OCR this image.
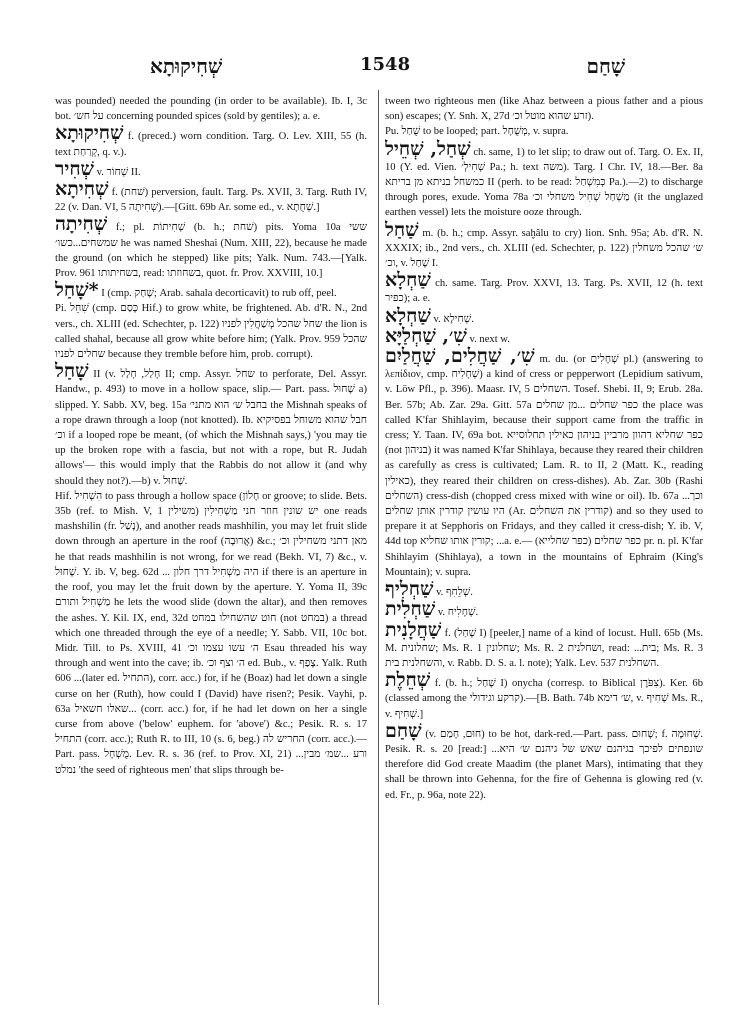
שְׁחִיקוּתָא	1548	שָׁחַם

was pounded) needed the pounding (in order to be available). Ib. I, 3c bot. על חש׳ concerning pounded spices (sold by gentiles); a. e.

שְׁחִיקוּתָא f. (preced.) worn condition. Targ. O. Lev. XIII, 55 (h. text קְרַחַת, q. v.).

שְׁחִיר v. שְׁחוֹר II.

שְׁחִיתָא f. (שׁחת) perversion, fault. Targ. Ps. XVII, 3. Targ. Ruth IV, 22 (v. Dan. VI, 5 שְׁחִיתָה).—[Gitt. 69b Ar. some ed., v. שְׁחֻתָא.]

שְׁחִיתָה f.; pl. שְׁחִיתוֹת (b. h.; שׁחת) pits. Yoma 10a ששי שמשחים...כשו׳ he was named Sheshai (Num. XIII, 22), because he made the ground (on which he stepped) like pits; Yalk. Num. 743.—[Yalk. Prov. 961 בשחיתותו, read: בשחוזתו, quot. fr. Prov. XXVIII, 10.]

*שָׁחַל I (cmp. שָׁחַק; Arab. sahala decorticavit) to rub off, peel.

Pi. שִׁחֵל (cmp. כָּסַם Hif.) to grow white, be frightened. Ab. d'R. N., 2nd vers., ch. XLIII (ed. Schechter, p. 122) שחל שהכל מְשַׁחֲלִין לפניו the lion is called shahal, because all grow white before him; (Yalk. Prov. 959 שהכל שחלים לפניו because they tremble before him, prob. corrupt).

שָׁחַל II (v. חָלַל, חָלַל II; cmp. Assyr. שחל to perforate, Del. Assyr. Handw., p. 493) to move in a hollow space, slip.— Part. pass. שָׁחוּל a) slipped. Y. Sabb. XV, beg. 15a בחבל ש׳ הוא מתני׳ the Mishnah speaks of a rope drawn through a loop (not knotted). Ib. חבל שהוא משוחל בפסיקיא וכ׳ if a looped rope be meant, (of which the Mishnah says,) 'you may tie up the broken rope with a fascia, but not with a rope, but R. Judah allows'— this would imply that the Rabbis do not allow it (and why should they not?).—b) v. שָׁחוּל.

Hif. הִשְׁחִיל to pass through a hollow space (חָלוֹן or groove; to slide. Bets. 35b (ref. to Mish. V, 1 משילין) יש שונין חוזר חני מַשְׁחִילִין one reads mashshilin (fr. נָשַׁל), and another reads mashhilin, you may let fruit slide down through an aperture in the roof (אֲרוּבָה) &c.; מאן דתני משחילין וכ׳ he that reads mashhilin is not wrong, for we read (Bekh. VI, 7) &c., v. שָׁחוּל. Y. ib. V, beg. 62d ... היה מַשְׁחִיל דרך חלון if there is an aperture in the roof, you may let the fruit down by the aperture. Y. Yoma II, 39c מַשְׁחִיל ותורם he lets the wood slide (down the altar), and then removes the ashes. Y. Kil. IX, end, 32d חוט שהשחילו במחט (not במחט) a thread which one threaded through the eye of a needle; Y. Sabb. VII, 10c bot. Midr. Till. to Ps. XVIII, 41 ה׳ עשו עצמו וכ׳ Esau threaded his way through and went into the cave; ib. ה׳ וצף וכ׳ ed. Bub., v. צָפַף. Yalk. Ruth 606 ...(later ed. התחיל), corr. acc.) for, if he (Boaz) had let down a single curse on her (Ruth), how could I (David) have risen?; Pesik. Vayhi, p. 63a שאלו חשאיל... (corr. acc.) for, if he had let down on her a single curse from above ('below' euphem. for 'above') &c.; Pesik. R. s. 17 התחיל (corr. acc.); Ruth R. to III, 10 (s. 6, beg.) החריש לה (corr. acc.).—Part. pass. מֻשְׁחָל. Lev. R. s. 36 (ref. to Prov. XI, 21) ...ורע ...שמ׳ מבין נמלט 'the seed of righteous men' that slips through be-

tween two righteous men (like Ahaz between a pious father and a pious son) escapes; (Y. Snh. X, 27d זרע שהוא מוטל וכ׳).

Pu. שֻׁחַל to be looped; part. מְשֻׁחָל, v. supra.

שְׁחַל, שְׁחֵיל ch. same, 1) to let slip; to draw out of. Targ. O. Ex. II, 10 (Y. ed. Vien. שְׁחִילְ׳ Pa.; h. text משה). Targ. I Chr. IV, 18.—Ber. 8a כמשחל בניתא מן בריתא II (perh. to be read: כְּמִשְׁחַל Pa.).—2) to discharge through pores, exude. Yoma 78a מַשְׁחַל שְׁחִיל משחלי וכ׳ (it the unglazed earthen vessel) lets the moisture ooze through.

שַׁחַל m. (b. h.; cmp. Assyr. saḫâlu to cry) lion. Snh. 95a; Ab. d'R. N. XXXIX; ib., 2nd vers., ch. XLIII (ed. Schechter, p. 122) ש׳ שהכל משחלין וכ׳, v. שָׁחַל I.

שַׁחְלָא ch. same. Targ. Prov. XXVI, 13. Targ. Ps. XVII, 12 (h. text כפיר); a. e.

שַׁחְלָא v. שְׁחִילָא.

שִׁ׳, שַׁחְלַיָּא v. next w.

שִׁ׳, שַׁחֲלִים, שַׁחֲלַיִם m. du. (or שְׁחָלִים pl.) (answering to λεπίδιον, cmp. שְׁחָלִיח) a kind of cress or pepperwort (Lepidium sativum, v. Löw Pfl., p. 396). Maasr. IV, 5 השחלים. Tosef. Shebi. II, 9; Erub. 28a. Ber. 57b; Ab. Zar. 29a. Gitt. 57a כפר שחלים ...מן שחלים the place was called K'far Shihlayim, because their support came from the traffic in cress; Y. Taan. IV, 69a bot. כפר שחליא דהוון מרביין בניהון כאילין תחלוסייא (not בניהון) it was named K'far Shihlaya, because they reared their children as carefully as cress is cultivated; Lam. R. to II, 2 (Matt. K., reading כאילין), they reared their children on cress-dishes). Ab. Zar. 30b (Rashi השחלים) cress-dish (chopped cress mixed with wine or oil). Ib. 67a ...וכך היו עושין קודרין אותן שחלים (Ar. קודרין את השחלים) and so they used to prepare it at Sepphoris on Fridays, and they called it cress-dish; Y. ib. V, 44d top קורין אותו שחליא; ...a. e.— כפר שחלים (כפר שחלייא) pr. n. pl. K'far Shihlayim (Shihlaya), a town in the mountains of Ephraim (King's Mountain); v. supra.

שַׁחְלִיף v. שְׁלֵחִף.

שַׁחְלִית v. שְׁחָלִיח.

שַׁחֲלָנִית f. (שָׁחַל I) [peeler,] name of a kind of locust. Hull. 65b (Ms. M. שחלונית; Ms. R. 1 שחלונין; Ms. R. 2 ושחלנית, read: ...בית; Ms. R. 3 והשחלנית בית, v. Rabb. D. S. a. l. note); Yalk. Lev. 537 השחלנית.

שְׁחֵלֶת f. (b. h.; שָׁחַל I) onycha (corresp. to Biblical צִפֹּרֶן). Ker. 6b (classed among the קרקע וגידולי).—[B. Bath. 74b ש׳ דימא, v. שְׁחִיף Ms. R., v. שְׁחִיף.]

שָׁחַם (v. חוּם, חָמַם) to be hot, dark-red.—Part. pass. שָׁחוּם; f. שְׁחוּמָה. Pesik. R. s. 20 [read:] ...שונפתים לפיכך בגיהנם שאש של גיהנם ש׳ היא therefore did God create Maadim (the planet Mars), intimating that they shall be thrown into Gehenna, for the fire of Gehenna is glowing red (v. ed. Fr., p. 96a, note 22).
